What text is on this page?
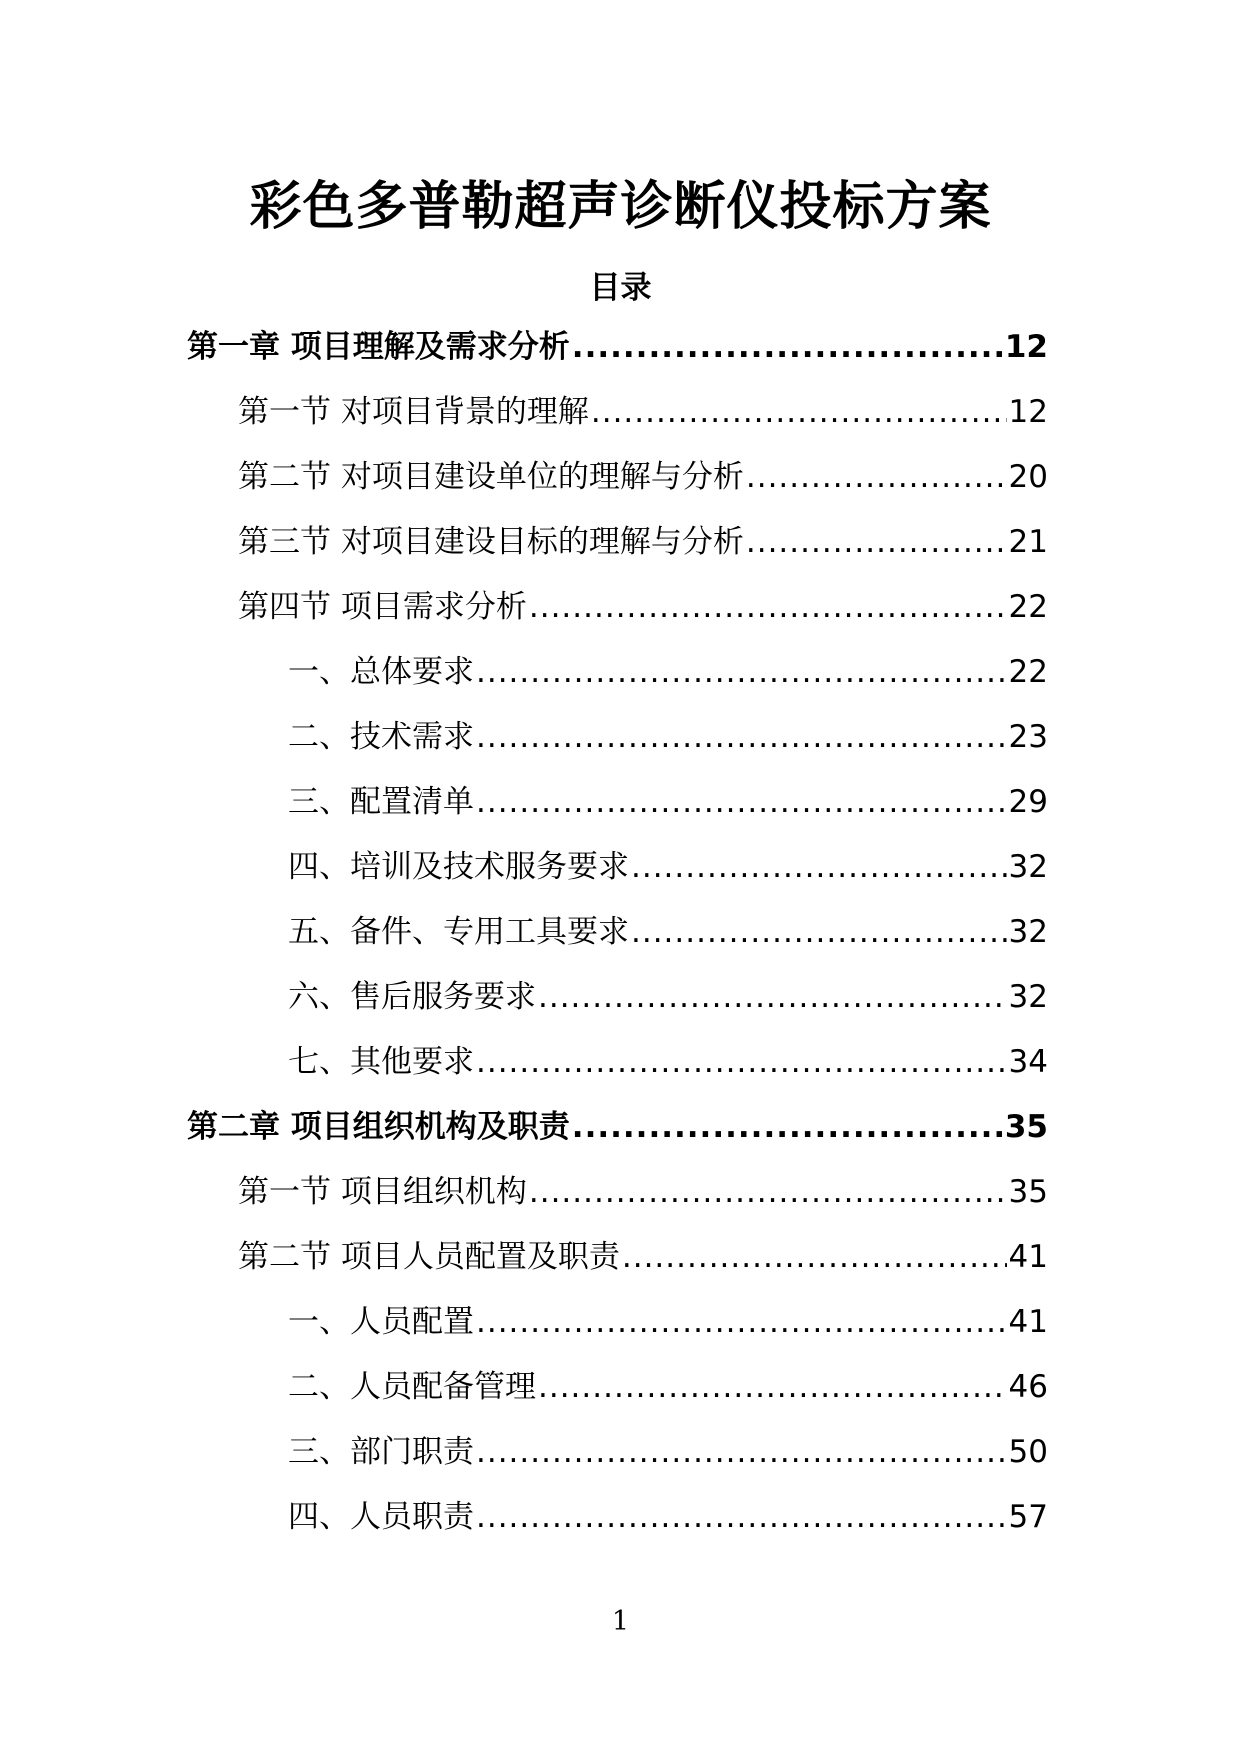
彩色多普勒超声诊断仪投标方案
目录
第一章 项目理解及需求分析 .....	12
第一节 对项目背景的理解 .....	12
第二节 对项目建设单位的理解与分析 .....	20
第三节 对项目建设目标的理解与分析 .....	21
第四节 项目需求分析 .....	22
一、总体要求 .....	22
二、技术需求 .....	23
三、配置清单 .....	29
四、培训及技术服务要求 .....	32
五、备件、专用工具要求 .....	32
六、售后服务要求 .....	32
七、其他要求 .....	34
第二章 项目组织机构及职责 .....	35
第一节 项目组织机构 .....	35
第二节 项目人员配置及职责 .....	41
一、人员配置 .....	41
二、人员配备管理 .....	46
三、部门职责 .....	50
四、人员职责 .....	57
1
